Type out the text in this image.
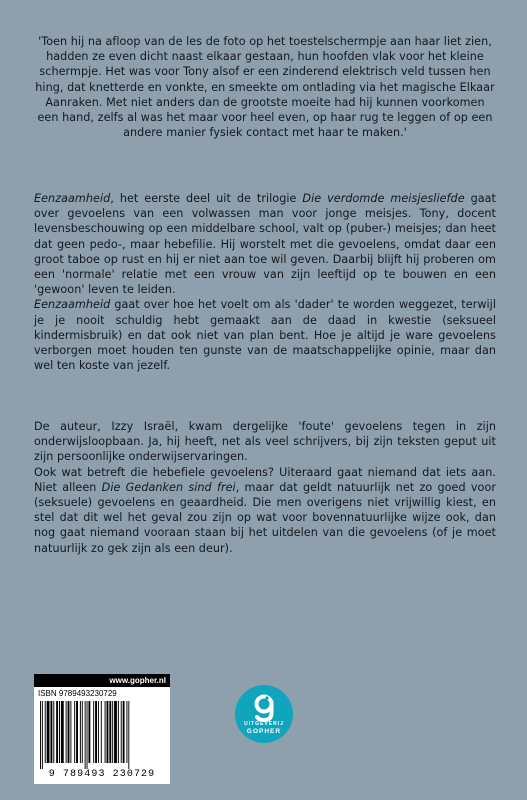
'Toen hij na afloop van de les de foto op het toestelschermpje aan haar liet zien, hadden ze even dicht naast elkaar gestaan, hun hoofden vlak voor het kleine schermpje. Het was voor Tony alsof er een zinderend elektrisch veld tussen hen hing, dat knetterde en vonkte, en smeekte om ontlading via het magische Elkaar Aanraken. Met niet anders dan de grootste moeite had hij kunnen voorkomen een hand, zelfs al was het maar voor heel even, op haar rug te leggen of op een andere manier fysiek contact met haar te maken.'

Eenzaamheid, het eerste deel uit de trilogie Die verdomde meisjesliefde gaat over gevoelens van een volwassen man voor jonge meisjes. Tony, docent levensbeschouwing op een middelbare school, valt op (puber-) meisjes; dan heet dat geen pedo-, maar hebefilie. Hij worstelt met die gevoelens, omdat daar een groot taboe op rust en hij er niet aan toe wil geven. Daarbij blijft hij proberen om een 'normale' relatie met een vrouw van zijn leeftijd op te bouwen en een 'gewoon' leven te leiden.

Eenzaamheid gaat over hoe het voelt om als 'dader' te worden weggezet, terwijl je je nooit schuldig hebt gemaakt aan de daad in kwestie (seksueel kindermisbruik) en dat ook niet van plan bent. Hoe je altijd je ware gevoelens verborgen moet houden ten gunste van de maatschappelijke opinie, maar dan wel ten koste van jezelf.

De auteur, Izzy Israël, kwam dergelijke 'foute' gevoelens tegen in zijn onderwijsloopbaan. Ja, hij heeft, net als veel schrijvers, bij zijn teksten geput uit zijn persoonlijke onderwijservaringen.

Ook wat betreft die hebefiele gevoelens? Uiteraard gaat niemand dat iets aan. Niet alleen Die Gedanken sind frei, maar dat geldt natuurlijk net zo goed voor (seksuele) gevoelens en geaardheid. Die men overigens niet vrijwillig kiest, en stel dat dit wel het geval zou zijn op wat voor bovennatuurlijke wijze ook, dan nog gaat niemand vooraan staan bij het uitdelen van die gevoelens (of je moet natuurlijk zo gek zijn als een deur).

www.gopher.nl
ISBN 9789493230729
9 789493 230729
UITGEVERIJ
GOPHER
